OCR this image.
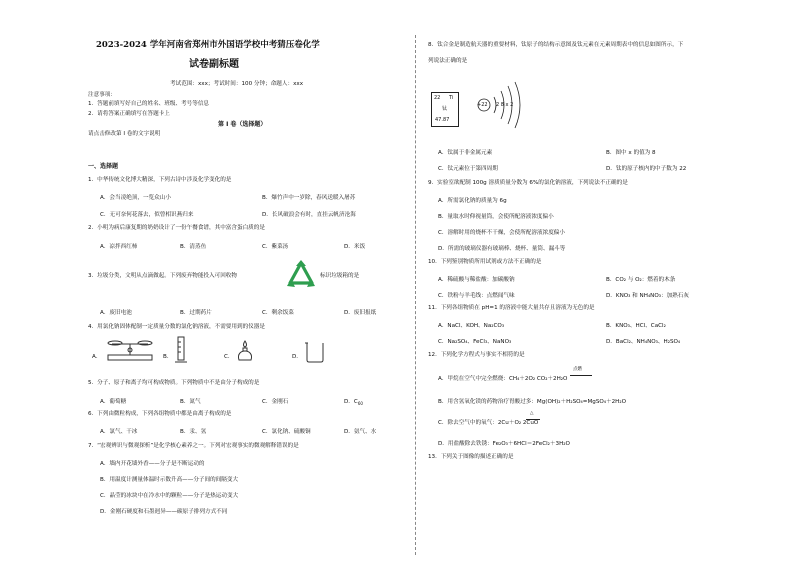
2023-2024 学年河南省郑州市外国语学校中考猜压卷化学
试卷副标题
考试范围：xxx；考试时间：100 分钟；命题人：xxx
注意事项：
1．答题前填写好自己的姓名、班级、考号等信息
2．请将答案正确填写在答题卡上
第 I 卷（选择题）
请点击修改第 I 卷的文字说明
一、选择题
1．中华传统文化博大精深，下列古诗中涉及化学变化的是
A．会当凌绝顶，一览众山小	B．爆竹声中一岁除，春风送暖入屠苏
C．无可奈何花落去，似曾相识燕归来	D．长风破浪会有时，直挂云帆济沧海
2．小明为病后康复期的奶奶设计了一份午餐食谱，其中富含蛋白质的是
A．凉拌西红柿	B．清蒸鱼	C．紫菜汤	D．米饭
3．垃圾分类，文明从点滴做起。下列废弃物能投入可回收物	标识垃圾箱的是
A．废旧电池	B．过期药片	C．剩余饭菜	D．废旧报纸
4．用氯化钠固体配制一定质量分数的氯化钠溶液，不需要用到的仪器是
A．	B．	C．	D．
5．分子、原子和离子均可构成物质。下列物质中不是由分子构成的是
A．葡萄糖	B．氮气	C．金刚石	D．$C_{60}$
6．下列由微粒构成，下列各组物质中都是由离子构成的是
A．氯气、干冰	B．汞、氢	C．氯化钠、硫酸铜	D．氨气、水
7．“宏观辨识与微观探析”是化学核心素养之一。下列对宏观事实的微观解释错误的是
A．墙内开花墙外香——分子是不断运动的
B．用温度计测量体温时示数升高——分子间的间隔变大
C．晶莹的冰块中在冷水中的颗粒——分子是热运动变大
D．金刚石硬度和石墨迥异——碳原子排列方式不同
8．钛合金是制造航天器的重要材料，钛原子的结构示意图及钛元素在元素周期表中的信息如图所示，下
列说法正确的是
22 Ti
钛
47.87
+22 2 8 x 2
A．钛属于非金属元素	B．图中 x 的值为 8
C．钛元素位于第四周期	D．钛的原子核内的中子数为 22
9．实验室欲配制 100g 溶质质量分数为 6%的氯化钠溶液，下列说法不正确的是
A．所需氯化钠的质量为 6g
B．量取水时仰视量筒，会使所配溶液浓度偏小
C．溶解时用的烧杯不干燥，会使所配溶液浓度偏小
D．所需的玻璃仪器有玻璃棒、烧杯、量筒、漏斗等
10．下列鉴别物质所用试剂或方法不正确的是
A．稀硫酸与稀盐酸：加碳酸钠	B．CO₂ 与 O₂：燃着的木条
C．铁粉与羊毛线：点燃闻气味	D．KNO₃ 和 NH₄NO₃：加熟石灰
11．下列各组物质在 pH=1 的溶液中能大量共存且溶液为无色的是
A．NaCl、KOH、Na₂CO₃	B．KNO₃、HCl、CaCl₂
C．Na₂SO₄、FeCl₃、NaNO₃	D．BaCl₂、NH₄NO₃、H₂SO₄
12．下列化学方程式与事实不相符的是
A．甲烷在空气中完全燃烧：CH₄＋2O₂ CO₂＋2H₂O
点燃
B．用含氢氧化镁的药物治疗胃酸过多：Mg(OH)₂＋H₂SO₄=MgSO₄＋2H₂O
C．除去空气中的氧气：2Cu＋O₂ 2CuO
△
D．用盐酸除去铁锈：Fe₂O₃＋6HCl＝2FeCl₂＋3H₂O
13．下列关于图像的描述正确的是
